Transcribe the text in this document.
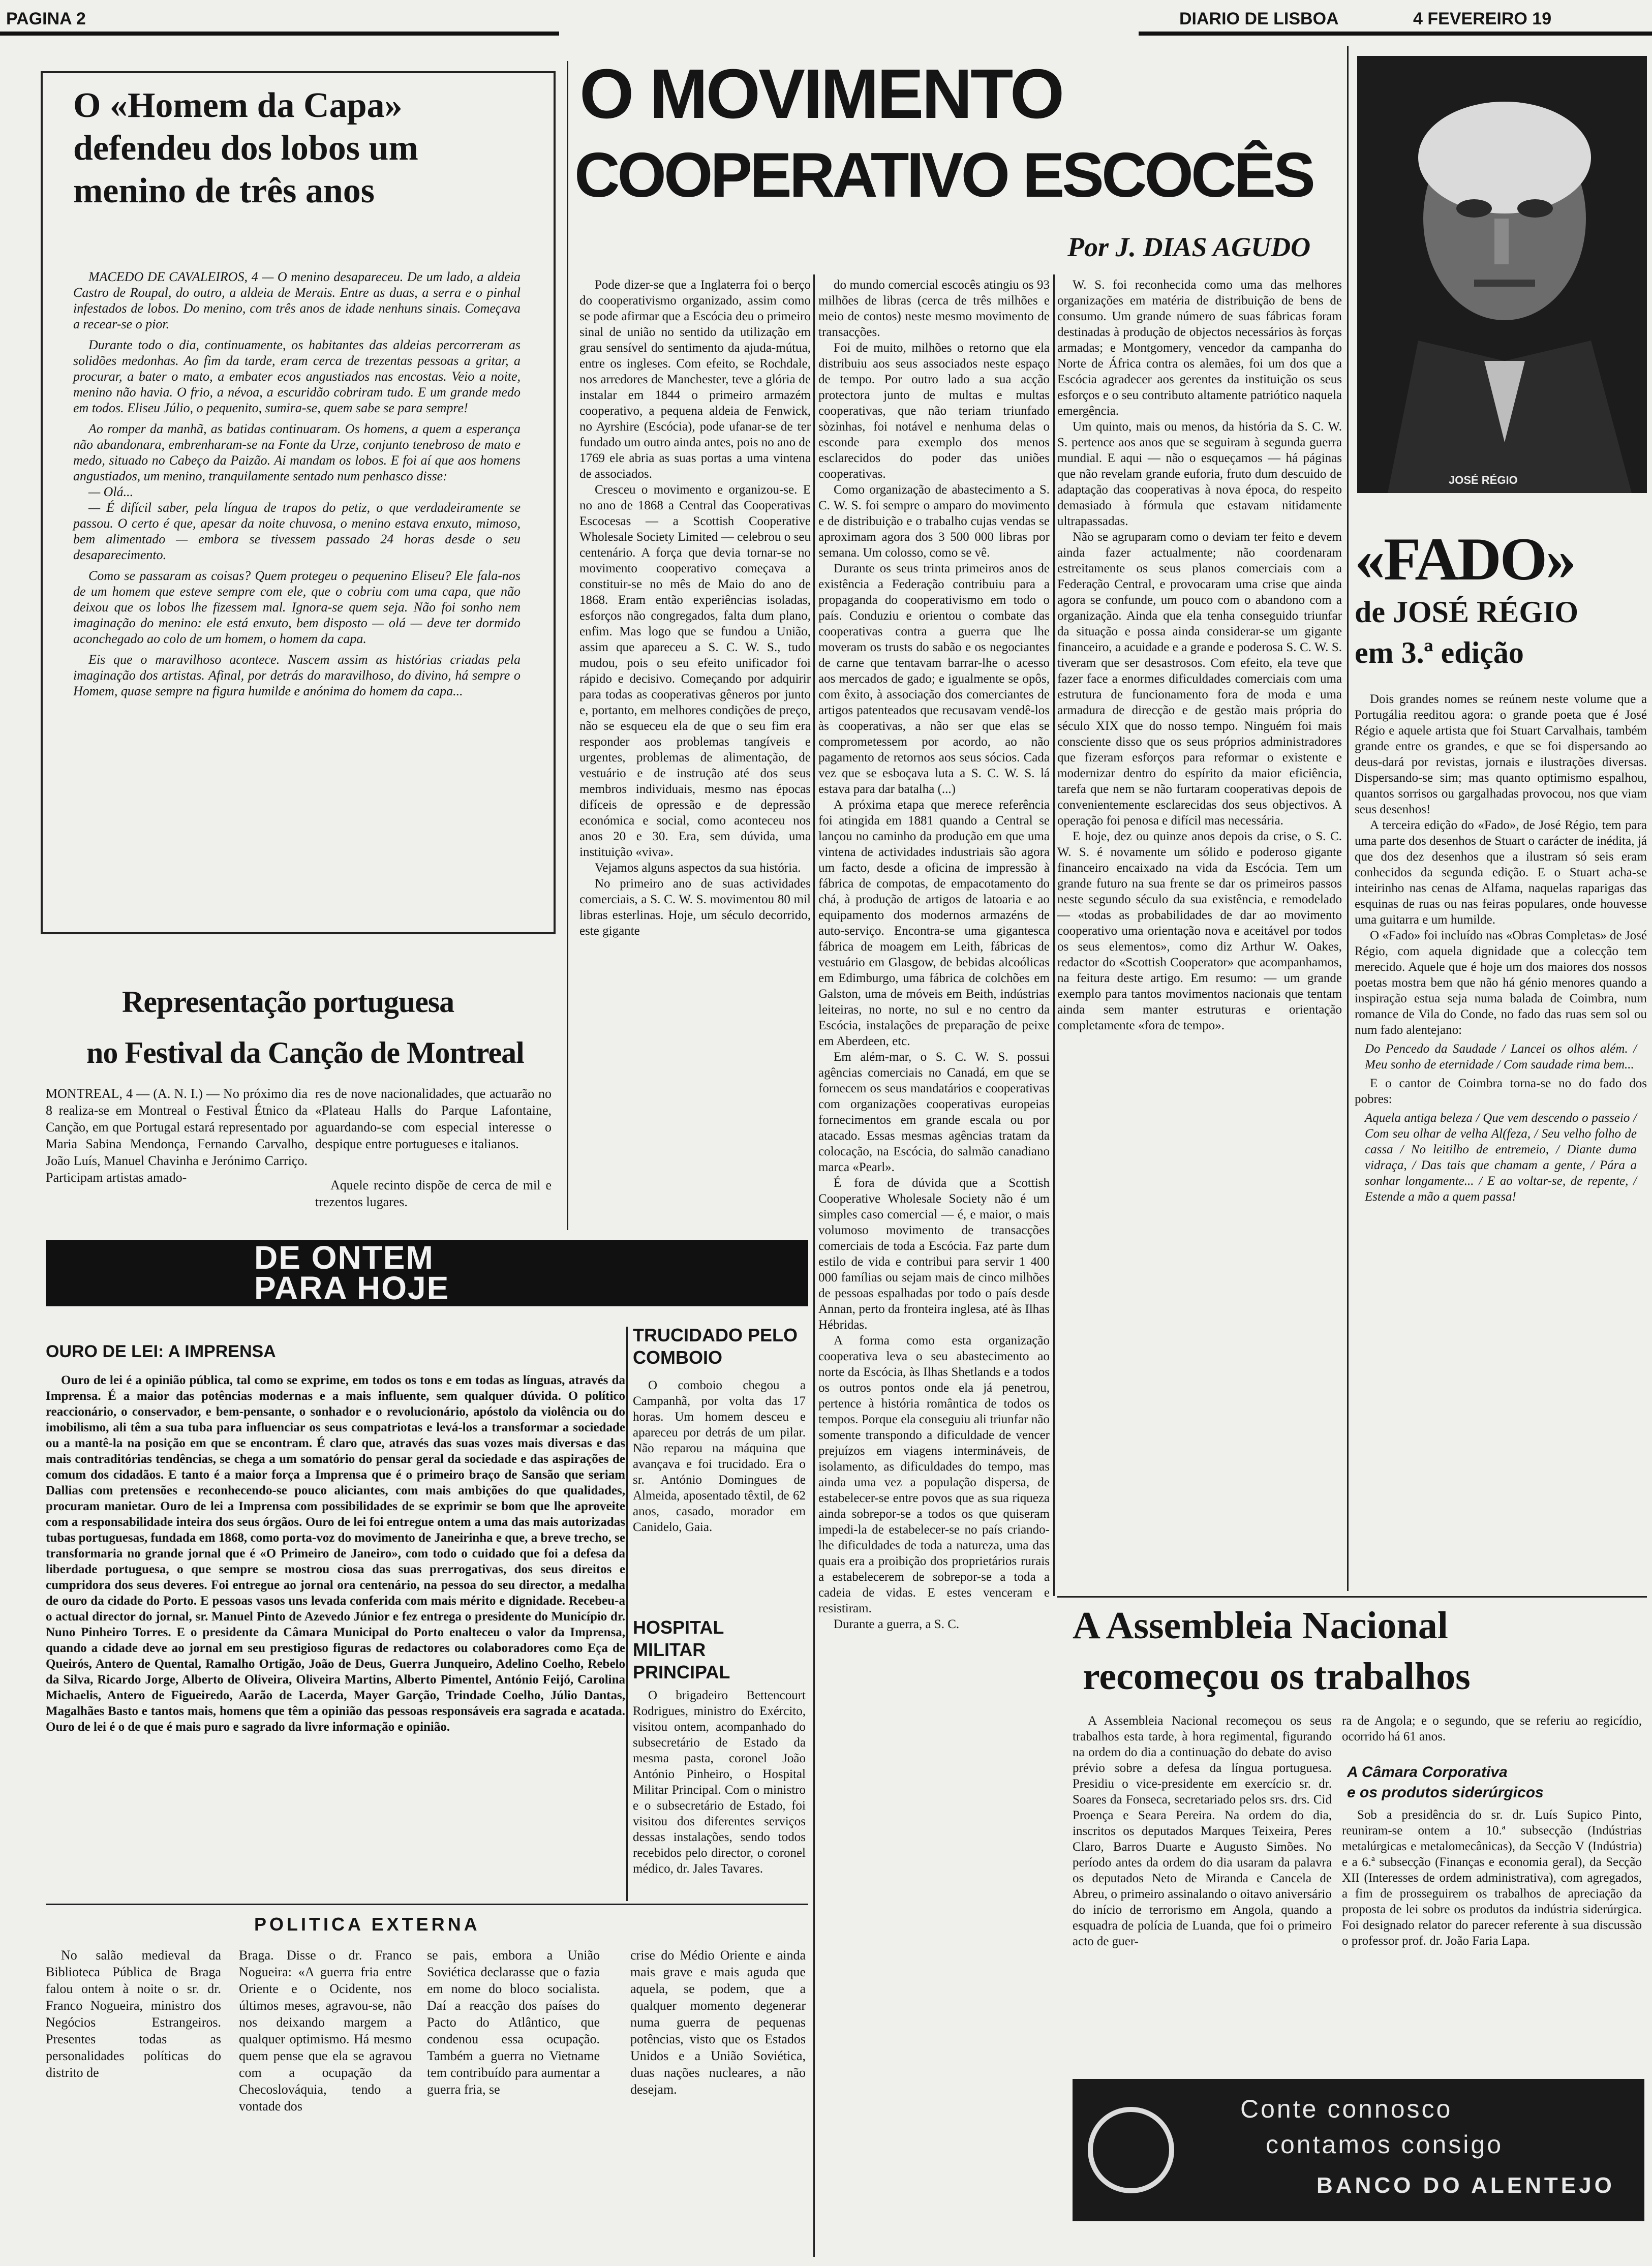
PAGINA 2	DIARIO DE LISBOA	4 FEVEREIRO 19
O «Homem da Capa» defendeu dos lobos um menino de três anos

MACEDO DE CAVALEIROS, 4 — O menino desapareceu. De um lado, a aldeia Castro de Roupal, do outro, a aldeia de Merais. Entre as duas, a serra e o pinhal infestados de lobos. Do menino, com três anos de idade nenhuns sinais. Começava a recear-se o pior.

Durante todo o dia, continuamente, os habitantes das aldeias percorreram as solidões medonhas. Ao fim da tarde, eram cerca de trezentas pessoas a gritar, a procurar, a bater o mato, a embater ecos angustiados nas encostas. Veio a noite, menino não havia. O frio, a névoa, a escuridão cobriram tudo. E um grande medo em todos. Eliseu Júlio, o pequenito, sumira-se, quem sabe se para sempre!

Ao romper da manhã, as batidas continuaram. Os homens, a quem a esperança não abandonara, embrenharam-se na Fonte da Urze, conjunto tenebroso de mato e medo, situado no Cabeço da Paizão. Ai mandam os lobos. E foi aí que aos homens angustiados, um menino, tranquilamente sentado num penhasco disse:

— Olá...

— É difícil saber, pela língua de trapos do petiz, o que verdadeiramente se passou. O certo é que, apesar da noite chuvosa, o menino estava enxuto, mimoso, bem alimentado — embora se tivessem passado 24 horas desde o seu desaparecimento.

Como se passaram as coisas? Quem protegeu o pequenino Eliseu? Ele fala-nos de um homem que esteve sempre com ele, que o cobriu com uma capa, que não deixou que os lobos lhe fizessem mal. Ignora-se quem seja. Não foi sonho nem imaginação do menino: ele está enxuto, bem disposto — olá — deve ter dormido aconchegado ao colo de um homem, o homem da capa.

Eis que o maravilhoso acontece. Nascem assim as histórias criadas pela imaginação dos artistas. Afinal, por detrás do maravilhoso, do divino, há sempre o Homem, quase sempre na figura humilde e anónima do homem da capa...

Representação portuguesa
no Festival da Canção de Montreal
MONTREAL, 4 — (A. N. I.) — No próximo dia 8 realiza-se em Montreal o Festival Étnico da Canção, em que Portugal estará representado por Maria Sabina Mendonça, Fernando Carvalho, João Luís, Manuel Chavinha e Jerónimo Carriço. Participam artistas amado-
res de nove nacionalidades, que actuarão no «Plateau Halls do Parque Lafontaine, aguardando-se com especial interesse o despique entre portugueses e italianos.
Aquele recinto dispõe de cerca de mil e trezentos lugares.
O MOVIMENTO
COOPERATIVO ESCOCÊS
Por J. DIAS AGUDO

Pode dizer-se que a Inglaterra foi o berço do cooperativismo organizado, assim como se pode afirmar que a Escócia deu o primeiro sinal de união no sentido da utilização em grau sensível do sentimento da ajuda-mútua, entre os ingleses. Com efeito, se Rochdale, nos arredores de Manchester, teve a glória de instalar em 1844 o primeiro armazém cooperativo, a pequena aldeia de Fenwick, no Ayrshire (Escócia), pode ufanar-se de ter fundado um outro ainda antes, pois no ano de 1769 ele abria as suas portas a uma vintena de associados.

Cresceu o movimento e organizou-se. E no ano de 1868 a Central das Cooperativas Escocesas — a Scottish Cooperative Wholesale Society Limited — celebrou o seu centenário. A força que devia tornar-se no movimento cooperativo começava a constituir-se no mês de Maio do ano de 1868. Eram então experiências isoladas, esforços não congregados, falta dum plano, enfim. Mas logo que se fundou a União, assim que apareceu a S. C. W. S., tudo mudou, pois o seu efeito unificador foi rápido e decisivo. Começando por adquirir para todas as cooperativas gêneros por junto e, portanto, em melhores condições de preço, não se esqueceu ela de que o seu fim era responder aos problemas tangíveis e urgentes, problemas de alimentação, de vestuário e de instrução até dos seus membros individuais, mesmo nas épocas difíceis de opressão e de depressão económica e social, como aconteceu nos anos 20 e 30. Era, sem dúvida, uma instituição «viva».

Vejamos alguns aspectos da sua história.

No primeiro ano de suas actividades comerciais, a S. C. W. S. movimentou 80 mil libras esterlinas. Hoje, um século decorrido, este gigante

do mundo comercial escocês atingiu os 93 milhões de libras (cerca de três milhões e meio de contos) neste mesmo movimento de transacções.

Foi de muito, milhões o retorno que ela distribuiu aos seus associados neste espaço de tempo. Por outro lado a sua acção protectora junto de multas e multas cooperativas, que não teriam triunfado sòzinhas, foi notável e nenhuma delas o esconde para exemplo dos menos esclarecidos do poder das uniões cooperativas.

Como organização de abastecimento a S. C. W. S. foi sempre o amparo do movimento e de distribuição e o trabalho cujas vendas se aproximam agora dos 3 500 000 libras por semana. Um colosso, como se vê.

Durante os seus trinta primeiros anos de existência a Federação contribuiu para a propaganda do cooperativismo em todo o país. Conduziu e orientou o combate das cooperativas contra a guerra que lhe moveram os trusts do sabão e os negociantes de carne que tentavam barrar-lhe o acesso aos mercados de gado; e igualmente se opôs, com êxito, à associação dos comerciantes de artigos patenteados que recusavam vendê-los às cooperativas, a não ser que elas se comprometessem por acordo, ao não pagamento de retornos aos seus sócios. Cada vez que se esboçava luta a S. C. W. S. lá estava para dar batalha (...)

A próxima etapa que merece referência foi atingida em 1881 quando a Central se lançou no caminho da produção em que uma vintena de actividades industriais são agora um facto, desde a oficina de impressão à fábrica de compotas, de empacotamento do chá, à produção de artigos de latoaria e ao equipamento dos modernos armazéns de auto-serviço. Encontra-se uma gigantesca fábrica de moagem em Leith, fábricas de vestuário em Glasgow, de bebidas alcoólicas em Edimburgo, uma fábrica de colchões em Galston, uma de móveis em Beith, indústrias leiteiras, no norte, no sul e no centro da Escócia, instalações de preparação de peixe em Aberdeen, etc.

Em além-mar, o S. C. W. S. possui agências comerciais no Canadá, em que se fornecem os seus mandatários e cooperativas com organizações cooperativas europeias fornecimentos em grande escala ou por atacado. Essas mesmas agências tratam da colocação, na Escócia, do salmão canadiano marca «Pearl».

É fora de dúvida que a Scottish Cooperative Wholesale Society não é um simples caso comercial — é, e maior, o mais volumoso movimento de transacções comerciais de toda a Escócia. Faz parte dum estilo de vida e contribui para servir 1 400 000 famílias ou sejam mais de cinco milhões de pessoas espalhadas por todo o país desde Annan, perto da fronteira inglesa, até às Ilhas Hébridas.

A forma como esta organização cooperativa leva o seu abastecimento ao norte da Escócia, às Ilhas Shetlands e a todos os outros pontos onde ela já penetrou, pertence à história romântica de todos os tempos. Porque ela conseguiu ali triunfar não somente transpondo a dificuldade de vencer prejuízos em viagens intermináveis, de isolamento, as dificuldades do tempo, mas ainda uma vez a população dispersa, de estabelecer-se entre povos que as sua riqueza ainda sobrepor-se a todos os que quiseram impedi-la de estabelecer-se no país criando-lhe dificuldades de toda a natureza, uma das quais era a proibição dos proprietários rurais a estabelecerem de sobrepor-se a toda a cadeia de vidas. E estes venceram e resistiram.

Durante a guerra, a S. C.

W. S. foi reconhecida como uma das melhores organizações em matéria de distribuição de bens de consumo. Um grande número de suas fábricas foram destinadas à produção de objectos necessários às forças armadas; e Montgomery, vencedor da campanha do Norte de África contra os alemães, foi um dos que a Escócia agradecer aos gerentes da instituição os seus esforços e o seu contributo altamente patriótico naquela emergência.

Um quinto, mais ou menos, da história da S. C. W. S. pertence aos anos que se seguiram à segunda guerra mundial. E aqui — não o esqueçamos — há páginas que não revelam grande euforia, fruto dum descuido de adaptação das cooperativas à nova época, do respeito demasiado à fórmula que estavam nitidamente ultrapassadas.

Não se agruparam como o deviam ter feito e devem ainda fazer actualmente; não coordenaram estreitamente os seus planos comerciais com a Federação Central, e provocaram uma crise que ainda agora se confunde, um pouco com o abandono com a organização. Ainda que ela tenha conseguido triunfar da situação e possa ainda considerar-se um gigante financeiro, a acuidade e a grande e poderosa S. C. W. S. tiveram que ser desastrosos. Com efeito, ela teve que fazer face a enormes dificuldades comerciais com uma estrutura de funcionamento fora de moda e uma armadura de direcção e de gestão mais própria do século XIX que do nosso tempo. Ninguém foi mais consciente disso que os seus próprios administradores que fizeram esforços para reformar o existente e modernizar dentro do espírito da maior eficiência, tarefa que nem se não furtaram cooperativas depois de convenientemente esclarecidas dos seus objectivos. A operação foi penosa e difícil mas necessária.

E hoje, dez ou quinze anos depois da crise, o S. C. W. S. é novamente um sólido e poderoso gigante financeiro encaixado na vida da Escócia. Tem um grande futuro na sua frente se dar os primeiros passos neste segundo século da sua existência, e remodelado — «todas as probabilidades de dar ao movimento cooperativo uma orientação nova e aceitável por todos os seus elementos», como diz Arthur W. Oakes, redactor do «Scottish Cooperator» que acompanhamos, na feitura deste artigo. Em resumo: — um grande exemplo para tantos movimentos nacionais que tentam ainda sem manter estruturas e orientação completamente «fora de tempo».

JOSÉ RÉGIO
«FADO»
de JOSÉ RÉGIO
em 3.ª edição

Dois grandes nomes se reúnem neste volume que a Portugália reeditou agora: o grande poeta que é José Régio e aquele artista que foi Stuart Carvalhais, também grande entre os grandes, e que se foi dispersando ao deus-dará por revistas, jornais e ilustrações diversas. Dispersando-se sim; mas quanto optimismo espalhou, quantos sorrisos ou gargalhadas provocou, nos que viam seus desenhos!

A terceira edição do «Fado», de José Régio, tem para uma parte dos desenhos de Stuart o carácter de inédita, já que dos dez desenhos que a ilustram só seis eram conhecidos da segunda edição. E o Stuart acha-se inteirinho nas cenas de Alfama, naquelas raparigas das esquinas de ruas ou nas feiras populares, onde houvesse uma guitarra e um humilde.

O «Fado» foi incluído nas «Obras Completas» de José Régio, com aquela dignidade que a colecção tem merecido. Aquele que é hoje um dos maiores dos nossos poetas mostra bem que não há génio menores quando a inspiração estua seja numa balada de Coimbra, num romance de Vila do Conde, no fado das ruas sem sol ou num fado alentejano:

Do Pencedo da Saudade / Lancei os olhos além. / Meu sonho de eternidade / Com saudade rima bem...

E o cantor de Coimbra torna-se no do fado dos pobres:

Aquela antiga beleza / Que vem descendo o passeio / Com seu olhar de velha Al(feza, / Seu velho folho de cassa / No leitilho de entremeio, / Diante duma vidraça, / Das tais que chamam a gente, / Pára a sonhar longamente... / E ao voltar-se, de repente, / Estende a mão a quem passa!

DE ONTEM
PARA HOJE
OURO DE LEI: A IMPRENSA
Ouro de lei é a opinião pública, tal como se exprime, em todos os tons e em todas as línguas, através da Imprensa. É a maior das potências modernas e a mais influente, sem qualquer dúvida. O político reaccionário, o conservador, e bem-pensante, o sonhador e o revolucionário, apóstolo da violência ou do imobilismo, ali têm a sua tuba para influenciar os seus compatriotas e levá-los a transformar a sociedade ou a mantê-la na posição em que se encontram. É claro que, através das suas vozes mais diversas e das mais contraditórias tendências, se chega a um somatório do pensar geral da sociedade e das aspirações de comum dos cidadãos. E tanto é a maior força a Imprensa que é o primeiro braço de Sansão que seriam Dallias com pretensões e reconhecendo-se pouco aliciantes, com mais ambições do que qualidades, procuram manietar. Ouro de lei a Imprensa com possibilidades de se exprimir se bom que lhe aproveite com a responsabilidade inteira dos seus órgãos. Ouro de lei foi entregue ontem a uma das mais autorizadas tubas portuguesas, fundada em 1868, como porta-voz do movimento de Janeirinha e que, a breve trecho, se transformaria no grande jornal que é «O Primeiro de Janeiro», com todo o cuidado que foi a defesa da liberdade portuguesa, o que sempre se mostrou ciosa das suas prerrogativas, dos seus direitos e cumpridora dos seus deveres. Foi entregue ao jornal ora centenário, na pessoa do seu director, a medalha de ouro da cidade do Porto. E pessoas vasos uns levada conferida com mais mérito e dignidade. Recebeu-a o actual director do jornal, sr. Manuel Pinto de Azevedo Júnior e fez entrega o presidente do Município dr. Nuno Pinheiro Torres. E o presidente da Câmara Municipal do Porto enalteceu o valor da Imprensa, quando a cidade deve ao jornal em seu prestigioso figuras de redactores ou colaboradores como Eça de Queirós, Antero de Quental, Ramalho Ortigão, João de Deus, Guerra Junqueiro, Adelino Coelho, Rebelo da Silva, Ricardo Jorge, Alberto de Oliveira, Oliveira Martins, Alberto Pimentel, António Feijó, Carolina Michaelis, Antero de Figueiredo, Aarão de Lacerda, Mayer Garção, Trindade Coelho, Júlio Dantas, Magalhães Basto e tantos mais, homens que têm a opinião das pessoas responsáveis era sagrada e acatada. Ouro de lei é o de que é mais puro e sagrado da livre informação e opinião.
TRUCIDADO PELO COMBOIO
O comboio chegou a Campanhã, por volta das 17 horas. Um homem desceu e apareceu por detrás de um pilar. Não reparou na máquina que avançava e foi trucidado. Era o sr. António Domingues de Almeida, aposentado têxtil, de 62 anos, casado, morador em Canidelo, Gaia.
HOSPITAL MILITAR PRINCIPAL
O brigadeiro Bettencourt Rodrigues, ministro do Exército, visitou ontem, acompanhado do subsecretário de Estado da mesma pasta, coronel João António Pinheiro, o Hospital Militar Principal. Com o ministro e o subsecretário de Estado, foi visitou dos diferentes serviços dessas instalações, sendo todos recebidos pelo director, o coronel médico, dr. Jales Tavares.
POLITICA EXTERNA
No salão medieval da Biblioteca Pública de Braga falou ontem à noite o sr. dr. Franco Nogueira, ministro dos Negócios Estrangeiros. Presentes todas as personalidades políticas do distrito de
Braga. Disse o dr. Franco Nogueira: «A guerra fria entre Oriente e o Ocidente, nos últimos meses, agravou-se, não nos deixando margem a qualquer optimismo. Há mesmo quem pense que ela se agravou com a ocupação da Checoslováquia, tendo a vontade dos
se pais, embora a União Soviética declarasse que o fazia em nome do bloco socialista. Daí a reacção dos países do Pacto do Atlântico, que condenou essa ocupação. Também a guerra no Vietname tem contribuído para aumentar a guerra fria, se
crise do Médio Oriente e ainda mais grave e mais aguda que aquela, se podem, que a qualquer momento degenerar numa guerra de pequenas potências, visto que os Estados Unidos e a União Soviética, duas nações nucleares, a não desejam.
A Assembleia Nacional
recomeçou os trabalhos
A Assembleia Nacional recomeçou os seus trabalhos esta tarde, à hora regimental, figurando na ordem do dia a continuação do debate do aviso prévio sobre a defesa da língua portuguesa. Presidiu o vice-presidente em exercício sr. dr. Soares da Fonseca, secretariado pelos srs. drs. Cid Proença e Seara Pereira. Na ordem do dia, inscritos os deputados Marques Teixeira, Peres Claro, Barros Duarte e Augusto Simões. No período antes da ordem do dia usaram da palavra os deputados Neto de Miranda e Cancela de Abreu, o primeiro assinalando o oitavo aniversário do início de terrorismo em Angola, quando a esquadra de polícia de Luanda, que foi o primeiro acto de guer-
ra de Angola; e o segundo, que se referiu ao regicídio, ocorrido há 61 anos.
A Câmara Corporativa
e os produtos siderúrgicos
Sob a presidência do sr. dr. Luís Supico Pinto, reuniram-se ontem a 10.ª subsecção (Indústrias metalúrgicas e metalomecânicas), da Secção V (Indústria) e a 6.ª subsecção (Finanças e economia geral), da Secção XII (Interesses de ordem administrativa), com agregados, a fim de prosseguirem os trabalhos de apreciação da proposta de lei sobre os produtos da indústria siderúrgica. Foi designado relator do parecer referente à sua discussão o professor prof. dr. João Faria Lapa.
Conte connosco
contamos consigo
BANCO DO ALENTEJO
